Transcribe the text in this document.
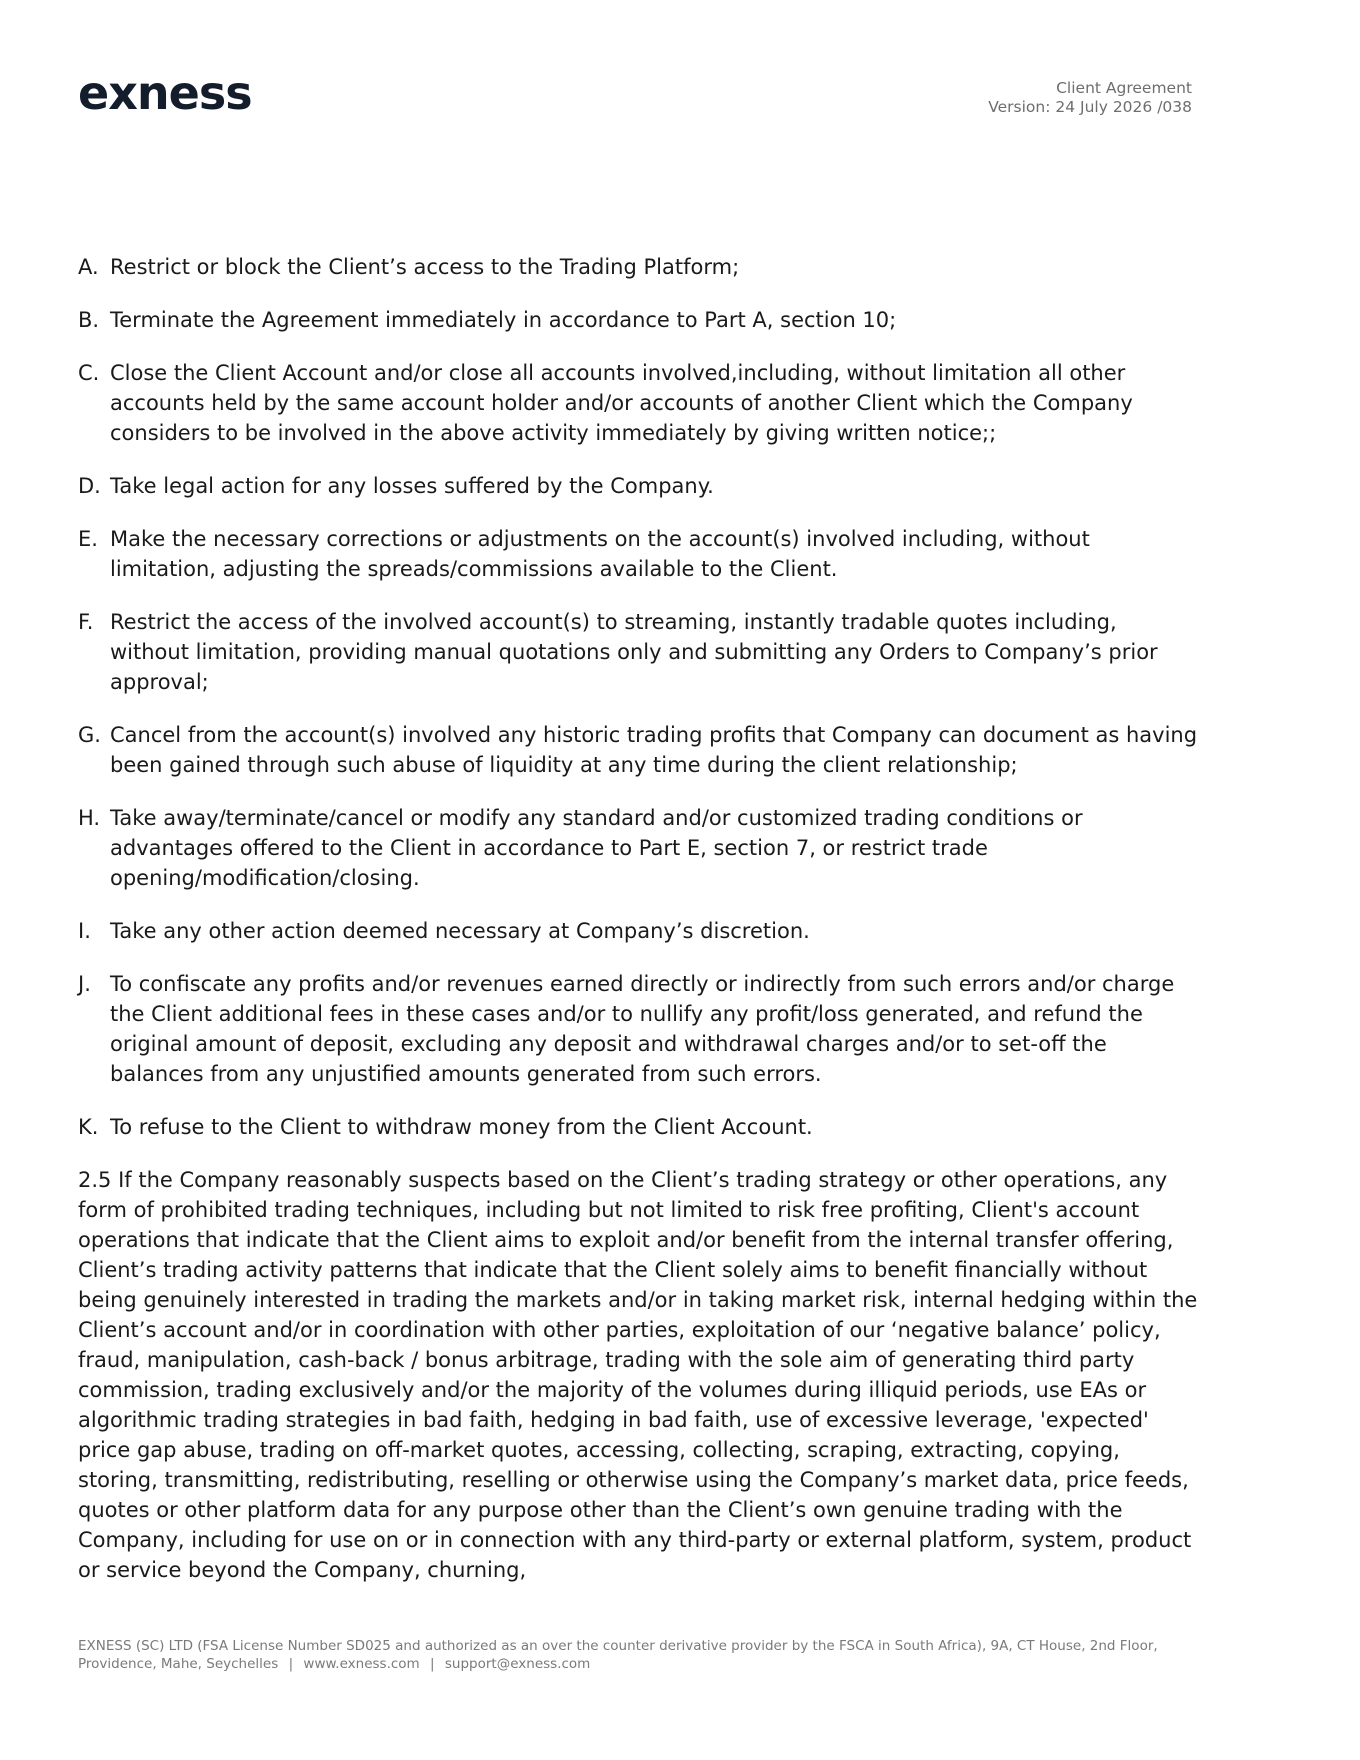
exness	Client Agreement
Version: 24 July 2026 /038
A. Restrict or block the Client’s access to the Trading Platform;
B. Terminate the Agreement immediately in accordance to Part A, section 10;
C. Close the Client Account and/or close all accounts involved,including, without limitation all other accounts held by the same account holder and/or accounts of another Client which the Company considers to be involved in the above activity immediately by giving written notice;;
D. Take legal action for any losses suffered by the Company.
E. Make the necessary corrections or adjustments on the account(s) involved including, without limitation, adjusting the spreads/commissions available to the Client.
F. Restrict the access of the involved account(s) to streaming, instantly tradable quotes including, without limitation, providing manual quotations only and submitting any Orders to Company’s prior approval;
G. Cancel from the account(s) involved any historic trading profits that Company can document as having been gained through such abuse of liquidity at any time during the client relationship;
H. Take away/terminate/cancel or modify any standard and/or customized trading conditions or advantages offered to the Client in accordance to Part E, section 7, or restrict trade opening/modification/closing.
I. Take any other action deemed necessary at Company’s discretion.
J. To confiscate any profits and/or revenues earned directly or indirectly from such errors and/or charge the Client additional fees in these cases and/or to nullify any profit/loss generated, and refund the original amount of deposit, excluding any deposit and withdrawal charges and/or to set-off the balances from any unjustified amounts generated from such errors.
K. To refuse to the Client to withdraw money from the Client Account.

2.5 If the Company reasonably suspects based on the Client’s trading strategy or other operations, any form of prohibited trading techniques, including but not limited to risk free profiting, Client's account operations that indicate that the Client aims to exploit and/or benefit from the internal transfer offering, Client’s trading activity patterns that indicate that the Client solely aims to benefit financially without being genuinely interested in trading the markets and/or in taking market risk, internal hedging within the Client’s account and/or in coordination with other parties, exploitation of our ‘negative balance’ policy, fraud, manipulation, cash-back / bonus arbitrage, trading with the sole aim of generating third party commission, trading exclusively and/or the majority of the volumes during illiquid periods, use EAs or algorithmic trading strategies in bad faith, hedging in bad faith, use of excessive leverage, 'expected' price gap abuse, trading on off-market quotes, accessing, collecting, scraping, extracting, copying, storing, transmitting, redistributing, reselling or otherwise using the Company’s market data, price feeds, quotes or other platform data for any purpose other than the Client’s own genuine trading with the Company, including for use on or in connection with any third-party or external platform, system, product or service beyond the Company, churning,

EXNESS (SC) LTD (FSA License Number SD025 and authorized as an over the counter derivative provider by the FSCA in South Africa), 9A, CT House, 2nd Floor, Providence, Mahe, Seychelles | www.exness.com | support@exness.com
